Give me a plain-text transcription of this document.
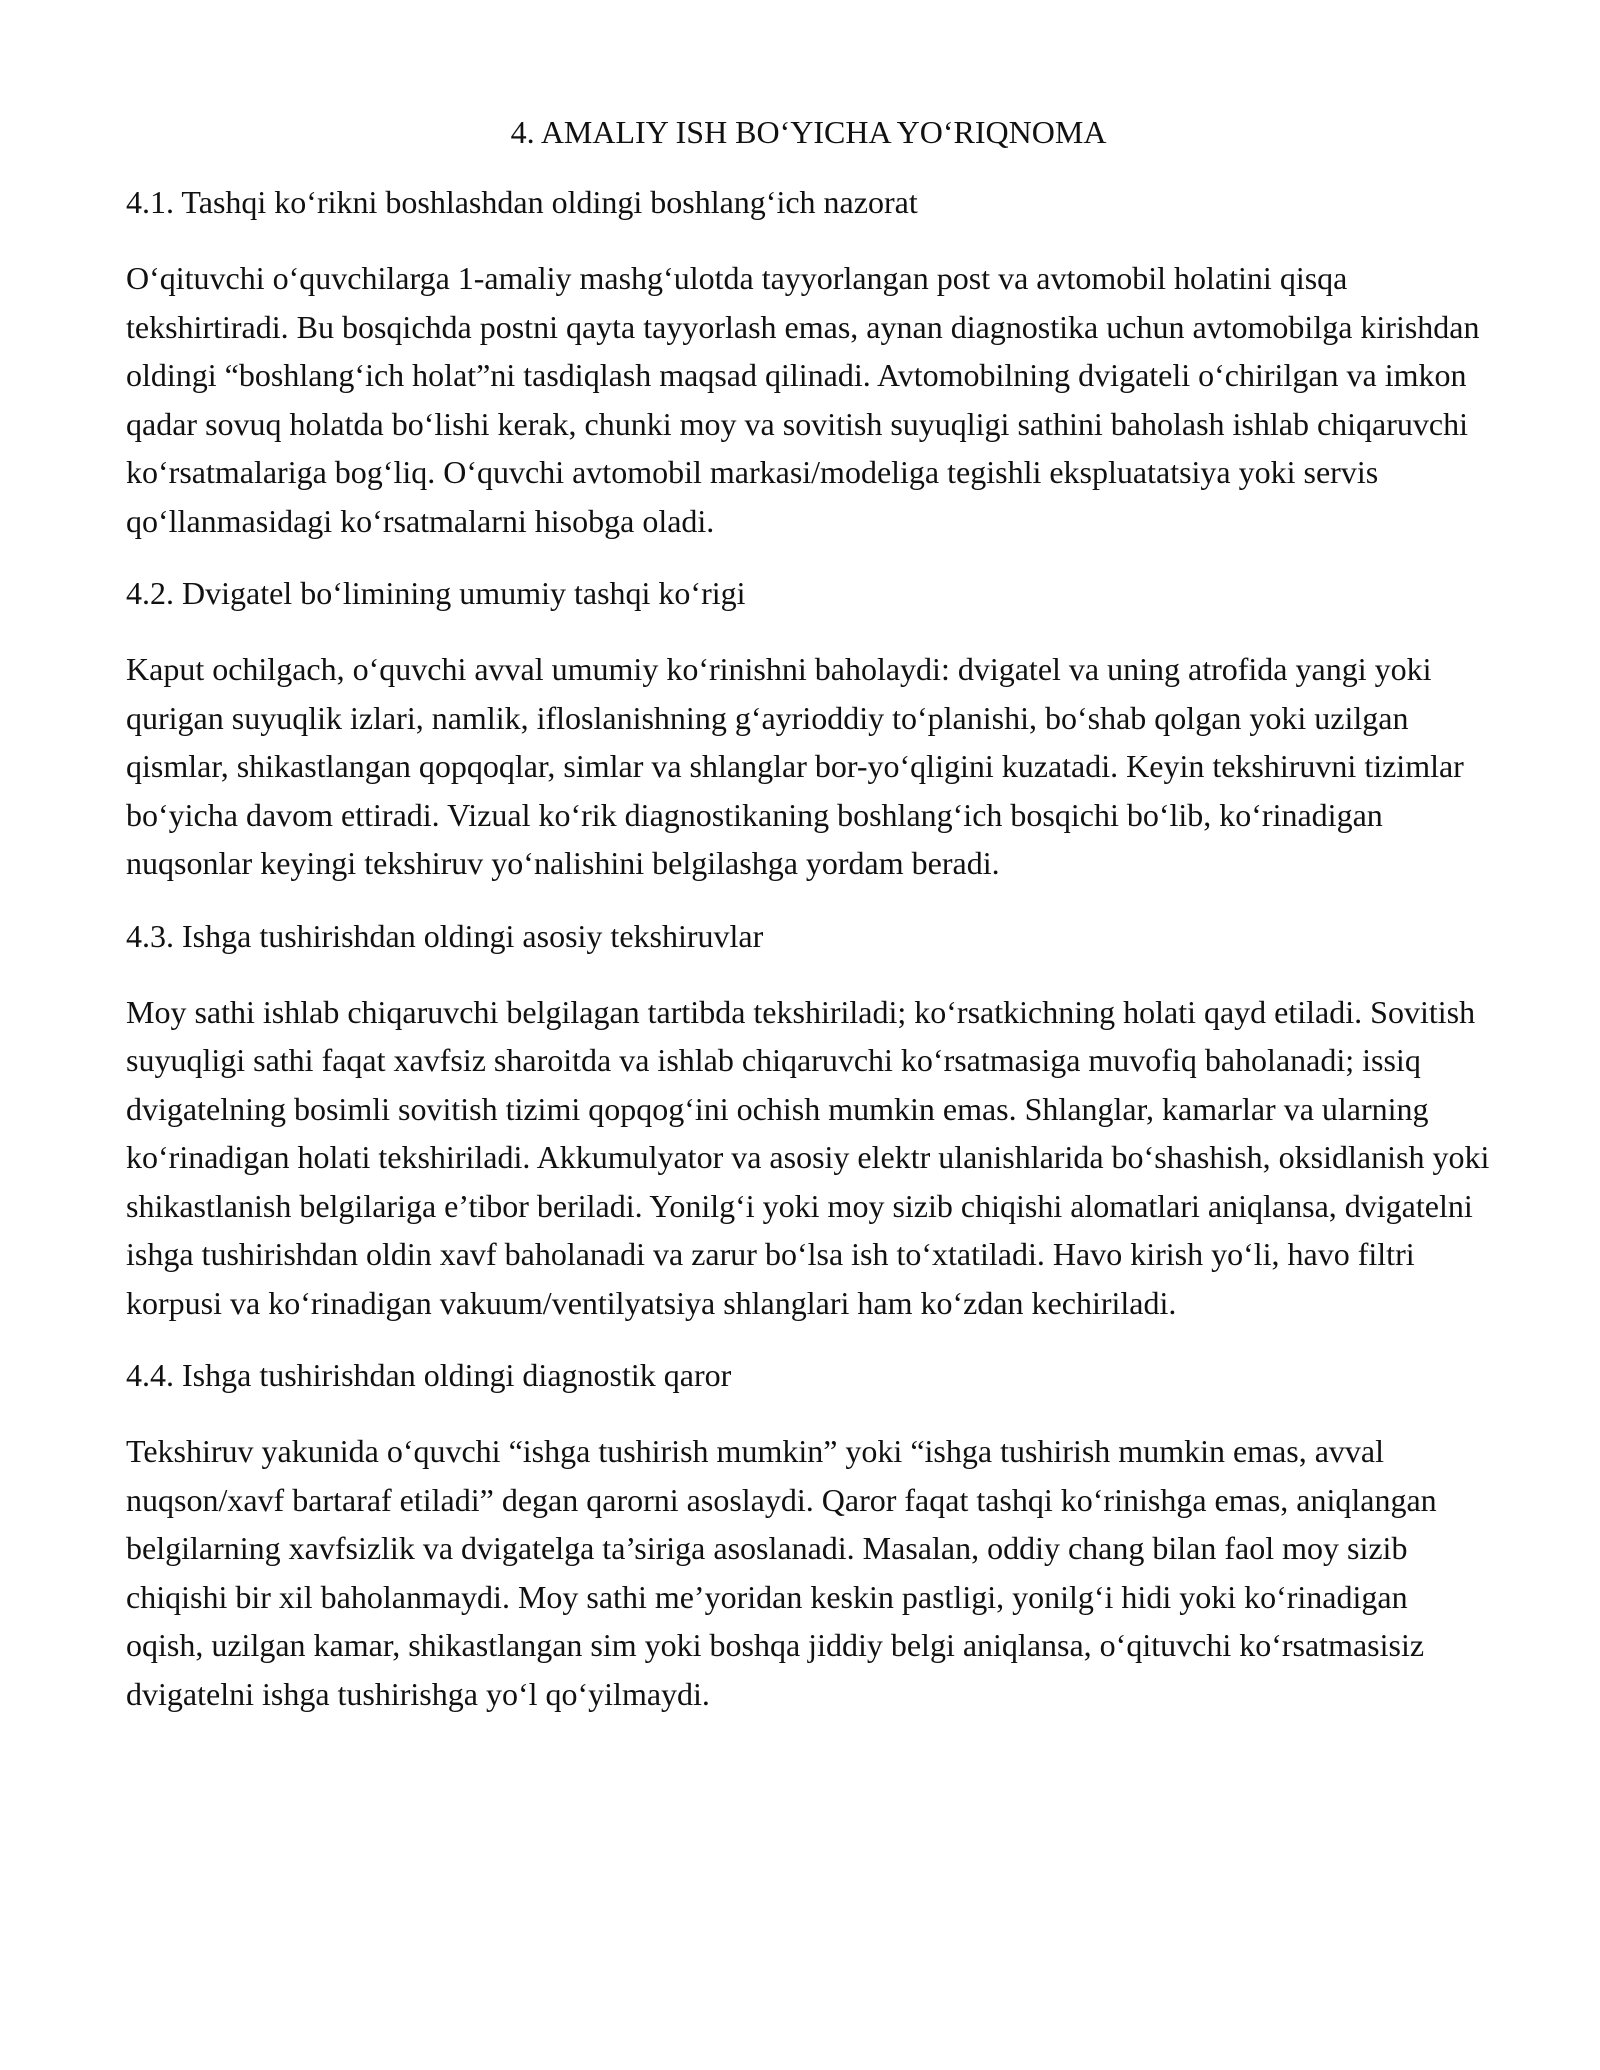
4. AMALIY ISH BO‘YICHA YO‘RIQNOMA
4.1. Tashqi ko‘rikni boshlashdan oldingi boshlang‘ich nazorat

O‘qituvchi o‘quvchilarga 1-amaliy mashg‘ulotda tayyorlangan post va avtomobil holatini qisqa tekshirtiradi. Bu bosqichda postni qayta tayyorlash emas, aynan diagnostika uchun avtomobilga kirishdan oldingi “boshlang‘ich holat”ni tasdiqlash maqsad qilinadi. Avtomobilning dvigateli o‘chirilgan va imkon qadar sovuq holatda bo‘lishi kerak, chunki moy va sovitish suyuqligi sathini baholash ishlab chiqaruvchi ko‘rsatmalariga bog‘liq. O‘quvchi avtomobil markasi/modeliga tegishli ekspluatatsiya yoki servis qo‘llanmasidagi ko‘rsatmalarni hisobga oladi.

4.2. Dvigatel bo‘limining umumiy tashqi ko‘rigi

Kaput ochilgach, o‘quvchi avval umumiy ko‘rinishni baholaydi: dvigatel va uning atrofida yangi yoki qurigan suyuqlik izlari, namlik, ifloslanishning g‘ayrioddiy to‘planishi, bo‘shab qolgan yoki uzilgan qismlar, shikastlangan qopqoqlar, simlar va shlanglar bor-yo‘qligini kuzatadi. Keyin tekshiruvni tizimlar bo‘yicha davom ettiradi. Vizual ko‘rik diagnostikaning boshlang‘ich bosqichi bo‘lib, ko‘rinadigan nuqsonlar keyingi tekshiruv yo‘nalishini belgilashga yordam beradi.

4.3. Ishga tushirishdan oldingi asosiy tekshiruvlar

Moy sathi ishlab chiqaruvchi belgilagan tartibda tekshiriladi; ko‘rsatkichning holati qayd etiladi. Sovitish suyuqligi sathi faqat xavfsiz sharoitda va ishlab chiqaruvchi ko‘rsatmasiga muvofiq baholanadi; issiq dvigatelning bosimli sovitish tizimi qopqog‘ini ochish mumkin emas. Shlanglar, kamarlar va ularning ko‘rinadigan holati tekshiriladi. Akkumulyator va asosiy elektr ulanishlarida bo‘shashish, oksidlanish yoki shikastlanish belgilariga e’tibor beriladi. Yonilg‘i yoki moy sizib chiqishi alomatlari aniqlansa, dvigatelni ishga tushirishdan oldin xavf baholanadi va zarur bo‘lsa ish to‘xtatiladi. Havo kirish yo‘li, havo filtri korpusi va ko‘rinadigan vakuum/ventilyatsiya shlanglari ham ko‘zdan kechiriladi.

4.4. Ishga tushirishdan oldingi diagnostik qaror

Tekshiruv yakunida o‘quvchi “ishga tushirish mumkin” yoki “ishga tushirish mumkin emas, avval nuqson/xavf bartaraf etiladi” degan qarorni asoslaydi. Qaror faqat tashqi ko‘rinishga emas, aniqlangan belgilarning xavfsizlik va dvigatelga ta’siriga asoslanadi. Masalan, oddiy chang bilan faol moy sizib chiqishi bir xil baholanmaydi. Moy sathi me’yoridan keskin pastligi, yonilg‘i hidi yoki ko‘rinadigan oqish, uzilgan kamar, shikastlangan sim yoki boshqa jiddiy belgi aniqlansa, o‘qituvchi ko‘rsatmasisiz dvigatelni ishga tushirishga yo‘l qo‘yilmaydi.
